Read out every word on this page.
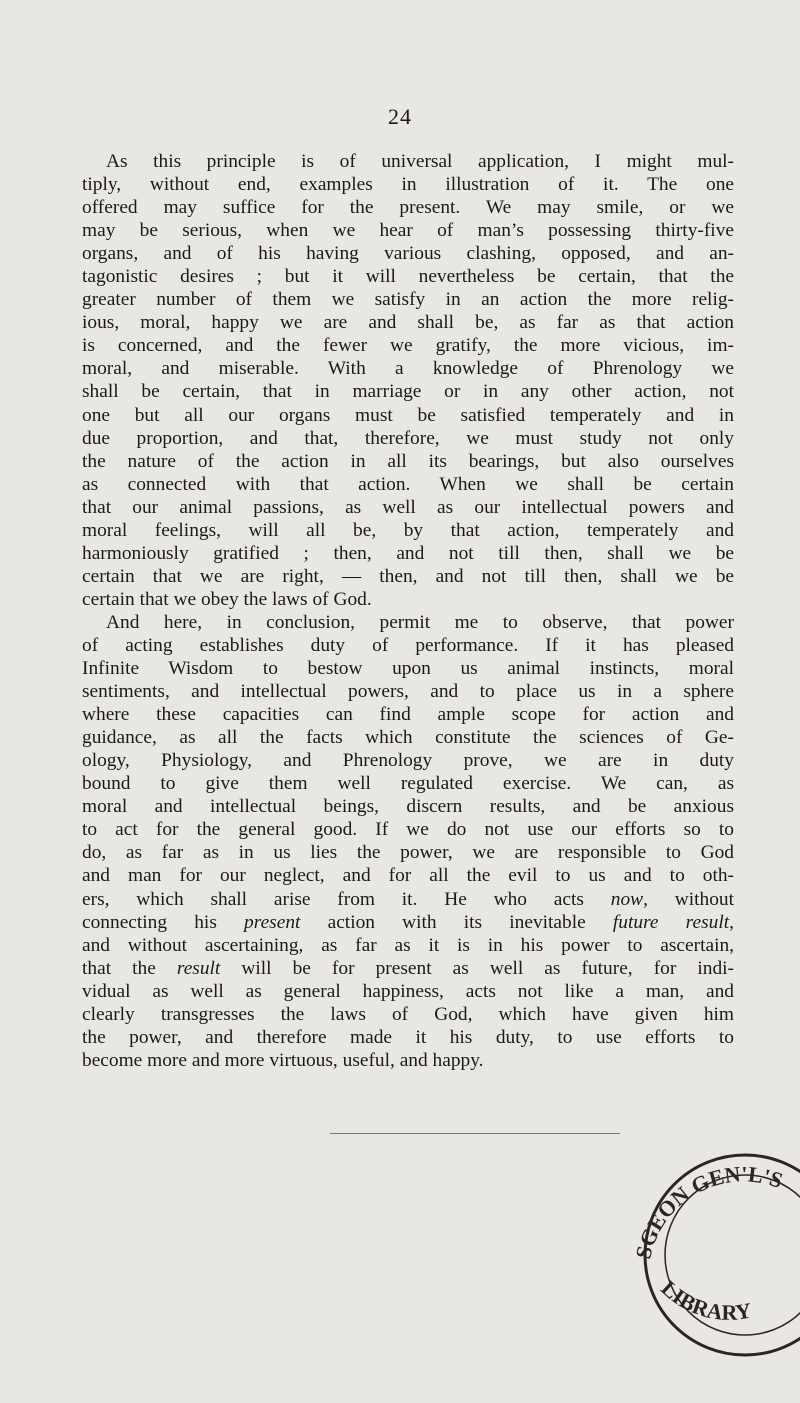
24
As this principle is of universal application, I might mul-
tiply, without end, examples in illustration of it. The one
offered may suffice for the present. We may smile, or we
may be serious, when we hear of man’s possessing thirty-five
organs, and of his having various clashing, opposed, and an-
tagonistic desires ; but it will nevertheless be certain, that the
greater number of them we satisfy in an action the more relig-
ious, moral, happy we are and shall be, as far as that action
is concerned, and the fewer we gratify, the more vicious, im-
moral, and miserable. With a knowledge of Phrenology we
shall be certain, that in marriage or in any other action, not
one but all our organs must be satisfied temperately and in
due proportion, and that, therefore, we must study not only
the nature of the action in all its bearings, but also ourselves
as connected with that action. When we shall be certain
that our animal passions, as well as our intellectual powers and
moral feelings, will all be, by that action, temperately and
harmoniously gratified ; then, and not till then, shall we be
certain that we are right, — then, and not till then, shall we be
certain that we obey the laws of God.
And here, in conclusion, permit me to observe, that power
of acting establishes duty of performance. If it has pleased
Infinite Wisdom to bestow upon us animal instincts, moral
sentiments, and intellectual powers, and to place us in a sphere
where these capacities can find ample scope for action and
guidance, as all the facts which constitute the sciences of Ge-
ology, Physiology, and Phrenology prove, we are in duty
bound to give them well regulated exercise. We can, as
moral and intellectual beings, discern results, and be anxious
to act for the general good. If we do not use our efforts so to
do, as far as in us lies the power, we are responsible to God
and man for our neglect, and for all the evil to us and to oth-
ers, which shall arise from it. He who acts now, without
connecting his present action with its inevitable future result,
and without ascertaining, as far as it is in his power to ascertain,
that the result will be for present as well as future, for indi-
vidual as well as general happiness, acts not like a man, and
clearly transgresses the laws of God, which have given him
the power, and therefore made it his duty, to use efforts to
become more and more virtuous, useful, and happy.
SGEON GEN'L'S
LIBRARY
